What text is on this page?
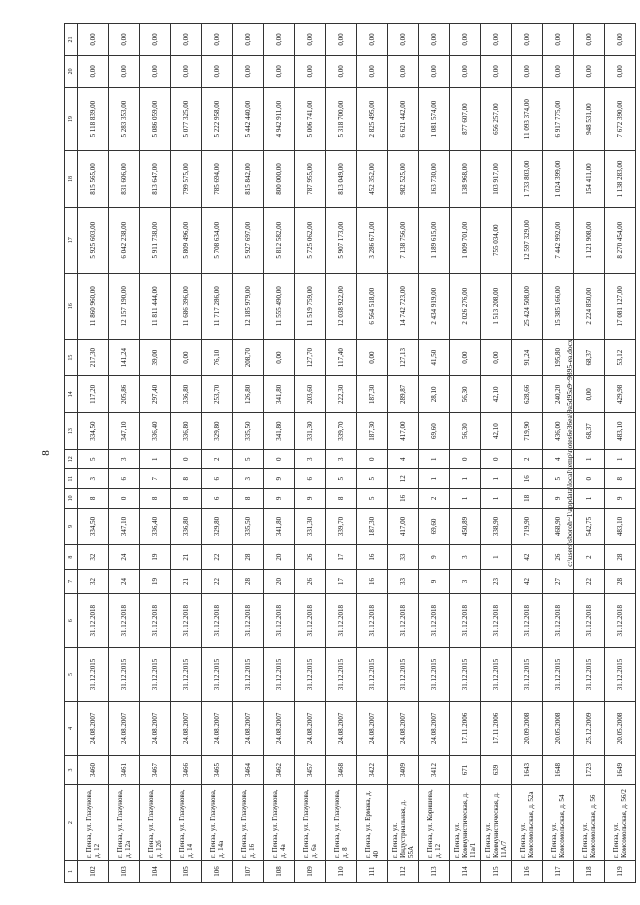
8
1	2	3	4	5	6	7	8	9	10	11	12	13	14	15	16	17	18	19	20	21
102	г. Пенза, ул. Глазунова, д. 12	3460	24.08.2007	31.12.2015	31.12.2018	32	32	334,50	8	3	5	334,50	117,20	217,30	11 860 960,00	5 925 603,00	815 565,00	5 118 839,00	0,00	0,00
103	г. Пенза, ул. Глазунова, д. 12а	3461	24.08.2007	31.12.2015	31.12.2018	24	24	347,10	0	6	3	347,10	205,86	141,24	12 157 190,00	6 042 238,00	831 606,00	5 283 353,00	0,00	0,00
104	г. Пенза, ул. Глазунова, д. 12б	3467	24.08.2007	31.12.2015	31.12.2018	19	19	336,40	8	7	1	336,40	297,40	39,00	11 811 444,00	5 911 738,00	813 647,00	5 086 059,00	0,00	0,00
105	г. Пенза, ул. Глазунова, д. 14	3466	24.08.2007	31.12.2015	31.12.2018	21	21	336,80	8	8	0	336,80	336,80	0,00	11 686 396,00	5 809 496,00	799 575,00	5 077 325,00	0,00	0,00
106	г. Пенза, ул. Глазунова, д. 14а	3465	24.08.2007	31.12.2015	31.12.2018	22	22	329,80	6	6	2	329,80	253,70	76,10	11 717 286,00	5 708 634,00	785 694,00	5 222 958,00	0,00	0,00
107	г. Пенза, ул. Глазунова, д. 16	3464	24.08.2007	31.12.2015	31.12.2018	28	28	335,50	8	3	5	335,50	126,80	208,70	12 185 979,00	5 927 697,00	815 842,00	5 442 440,00	0,00	0,00
108	г. Пенза, ул. Глазунова, д. 4а	3462	24.08.2007	31.12.2015	31.12.2018	20	20	341,80	9	9	0	341,80	341,80	0,00	11 555 490,00	5 812 582,00	800 000,00	4 942 911,00	0,00	0,00
109	г. Пенза, ул. Глазунова, д. 6а	3457	24.08.2007	31.12.2015	31.12.2018	26	26	331,30	9	6	3	331,30	203,60	127,70	11 519 759,00	5 725 062,00	787 955,00	5 006 741,00	0,00	0,00
110	г. Пенза, ул. Глазунова, д. 8	3468	24.08.2007	31.12.2015	31.12.2018	17	17	339,70	8	5	3	339,70	222,30	117,40	12 038 922,00	5 907 173,00	813 049,00	5 318 700,00	0,00	0,00
111	г. Пенза, ул. Ермака, д. 40	3422	24.08.2007	31.12.2015	31.12.2018	16	16	187,30	5	5	0	187,30	187,30	0,00	6 564 518,00	3 286 671,00	452 352,00	2 825 495,00	0,00	0,00
112	г. Пенза, ул. Индустриальная, д. 55А	3409	24.08.2007	31.12.2015	31.12.2018	33	33	417,00	16	12	4	417,00	289,87	127,13	14 742 723,00	7 138 756,00	982 525,00	6 621 442,00	0,00	0,00
113	г. Пенза, ул. Коришева, д. 12	3412	24.08.2007	31.12.2015	31.12.2018	9	9	69,60	2	1	1	69,60	28,10	41,50	2 434 919,00	1 189 615,00	163 730,00	1 081 574,00	0,00	0,00
114	г. Пенза, ул. Коммунистическая, д. 11а/1	671	17.11.2006	31.12.2015	31.12.2018	3	3	450,89	1	1	0	56,30	56,30	0,00	2 026 276,00	1 009 701,00	138 968,00	877 607,00	0,00	0,00
115	г. Пенза, ул. Коммунистическая, д. 11А/7	639	17.11.2006	31.12.2015	31.12.2018	23	1	338,90	1	1	0	42,10	42,10	0,00	1 513 208,00	755 034,00	103 917,00	656 257,00	0,00	0,00
116	г. Пенза, ул. Комсомольская, д. 52а	1643	20.09.2008	31.12.2015	31.12.2018	42	42	719,90	18	16	2	719,90	628,66	91,24	25 424 508,00	12 597 329,00	1 733 803,00	11 093 374,00	0,00	0,00
117	г. Пенза, ул. Комсомольская, д. 54	1648	20.05.2008	31.12.2015	31.12.2018	27	26	468,90	9	5	4	436,00	240,20	195,80	15 385 166,00	7 442 992,00	1 024 399,00	6 917 775,00	0,00	0,00
118	г. Пенза, ул. Комсомольская, д. 56	1723	25.12.2009	31.12.2015	31.12.2018	22	2	542,75	1	0	1	68,37	0,00	68,37	2 224 850,00	1 121 908,00	154 411,00	948 531,00	0,00	0,00
119	г. Пенза, ул. Комсомольская, д. 56/2	1649	20.05.2008	31.12.2015	31.12.2018	28	28	483,10	9	8	1	483,10	429,98	53,12	17 081 127,00	8 270 454,00	1 138 283,00	7 672 390,00	0,00	0,00
c:\users\sboroh~1\appdata\local\temp\notes6e36ea\9a5d95a9~9895-ea.docx
